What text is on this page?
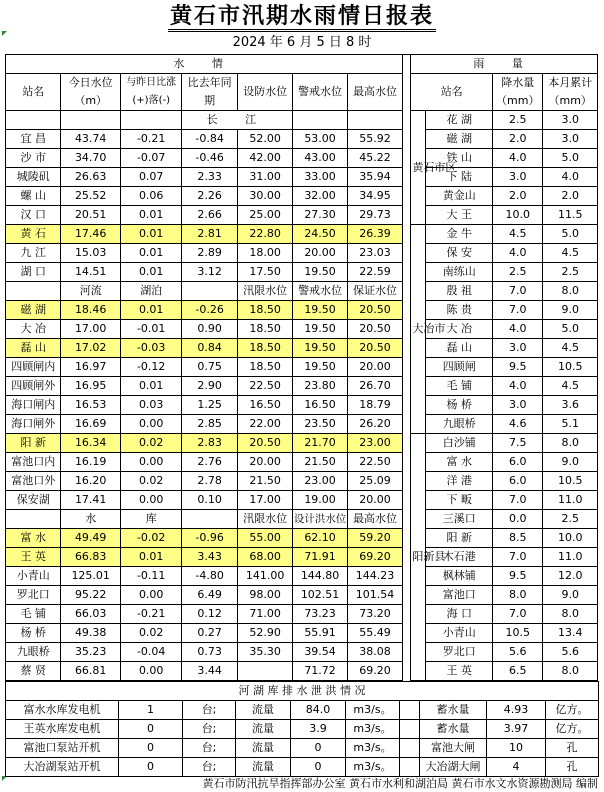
黄石市汛期水雨情日报表
2024 年 6 月 5 日 8 时
水 情								雨 量			
站名	今日水位（m）	与昨日比涨(+)落(-)	比去年同 期	设防水位	警戒水位	最高水位		站名		降水量（mm）	本月累计（mm）
			长 江					黄石市区	花 湖	2.5	3.0
宜 昌	43.74	-0.21	-0.84	52.00	53.00	55.92			磁 湖	2.0	3.0
沙 市	34.70	-0.07	-0.46	42.00	43.00	45.22			铁 山	4.0	5.0
城陵矶	26.63	0.07	2.33	31.00	33.00	35.94			下 陆	3.0	4.0
螺 山	25.52	0.06	2.26	30.00	32.00	34.95			黄金山	2.0	2.0
汉 口	20.51	0.01	2.66	25.00	27.30	29.73			大 王	10.0	11.5
黄 石	17.46	0.01	2.81	22.80	24.50	26.39		大冶市	金 牛	4.5	5.0
九 江	15.03	0.01	2.89	18.00	20.00	23.03			保 安	4.0	4.5
湖 口	14.51	0.01	3.12	17.50	19.50	22.59			南练山	2.5	2.5
	河流	湖泊		汛限水位	警戒水位	保证水位			殷 祖	7.0	8.0
磁 湖	18.46	0.01	-0.26	18.50	19.50	20.50			陈 贵	7.0	9.0
大 冶	17.00	-0.01	0.90	18.50	19.50	20.50			大 冶	4.0	5.0
磊 山	17.02	-0.03	0.84	18.50	19.50	20.50			磊 山	3.0	4.5
四顾闸内	16.97	-0.12	0.75	18.50	19.50	20.00			四顾闸	9.5	10.5
四顾闸外	16.95	0.01	2.90	22.50	23.80	26.70			毛 铺	4.0	4.5
海口闸内	16.53	0.03	1.25	16.50	16.50	18.79			杨 桥	3.0	3.6
海口闸外	16.69	0.00	2.85	22.00	23.50	26.20			九眼桥	4.6	5.1
阳 新	16.34	0.02	2.83	20.50	21.70	23.00		阳新县	白沙铺	7.5	8.0
富池口内	16.19	0.00	2.76	20.00	21.50	22.50			富 水	6.0	9.0
富池口外	16.20	0.02	2.78	21.50	23.00	25.09			洋 港	6.0	10.5
保安湖	17.41	0.00	0.10	17.00	19.00	20.00			下 畈	7.0	11.0
	水	库		汛限水位	设计洪水位	最高水位			三溪口	0.0	2.5
富 水	49.49	-0.02	-0.96	55.00	62.10	59.20			阳 新	8.5	10.0
王 英	66.83	0.01	3.43	68.00	71.91	69.20			木石港	7.0	11.0
小青山	125.01	-0.11	-4.80	141.00	144.80	144.23			枫林铺	9.5	12.0
罗北口	95.22	0.00	6.49	98.00	102.51	101.54			富池口	8.0	9.0
毛 铺	66.03	-0.21	0.12	71.00	73.23	73.20			海 口	7.0	8.0
杨 桥	49.38	0.02	0.27	52.90	55.91	55.49			小青山	10.5	13.4
九眼桥	35.23	-0.04	0.73	35.30	39.54	38.08			罗北口	5.6	5.6
蔡 贤	66.81	0.00	3.44		71.72	69.20			王 英	6.5	8.0
河 湖 库 排 水 泄 洪 情 况									
富水水库发电机	1	台;	流量	84.0	m3/s。		蓄水量	4.93	亿方。
王英水库发电机	0	台;	流量	3.9	m3/s。		蓄水量	3.97	亿方。
富池口泵站开机	0	台;	流量	0	m3/s。		富池大闸	10	孔
大冶湖泵站开机	0	台;	流量	0	m3/s。		大冶湖大闸	4	孔
黄石市防汛抗旱指挥部办公室 黄石市水利和湖泊局 黄石市水文水资源勘测局 编制
